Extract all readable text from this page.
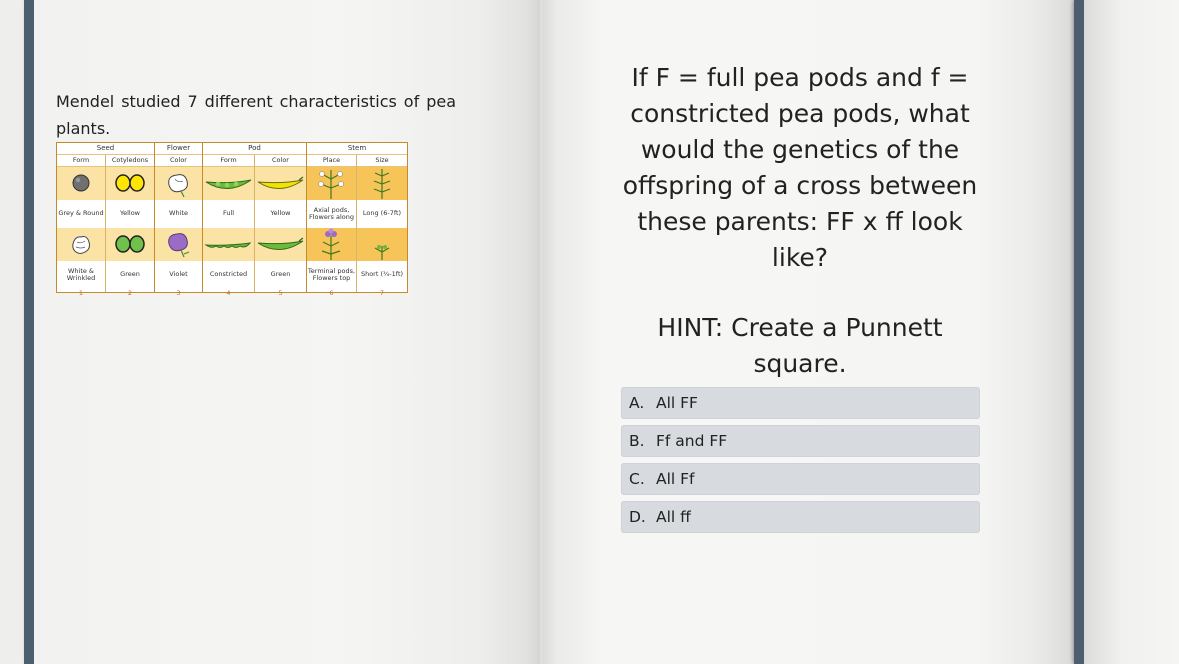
Mendel studied 7 different characteristics of pea plants.

Seed
Form
Grey & Round
White & Wrinkled
1
Cotyledons
Yellow
Green
2
Flower
Color
White
Violet
3
Pod
Form
Full
Constricted
4
Color
Yellow
Green
5
Stem
Place
Axial pods, Flowers along
Terminal pods, Flowers top
6
Size
Long (6-7ft)
Short (¾-1ft)
7
If F = full pea pods and f = constricted pea pods, what would the genetics of the offspring of a cross between these parents: FF x ff look like?
HINT: Create a Punnett square.
A. All FF
B. Ff and FF
C. All Ff
D. All ff
